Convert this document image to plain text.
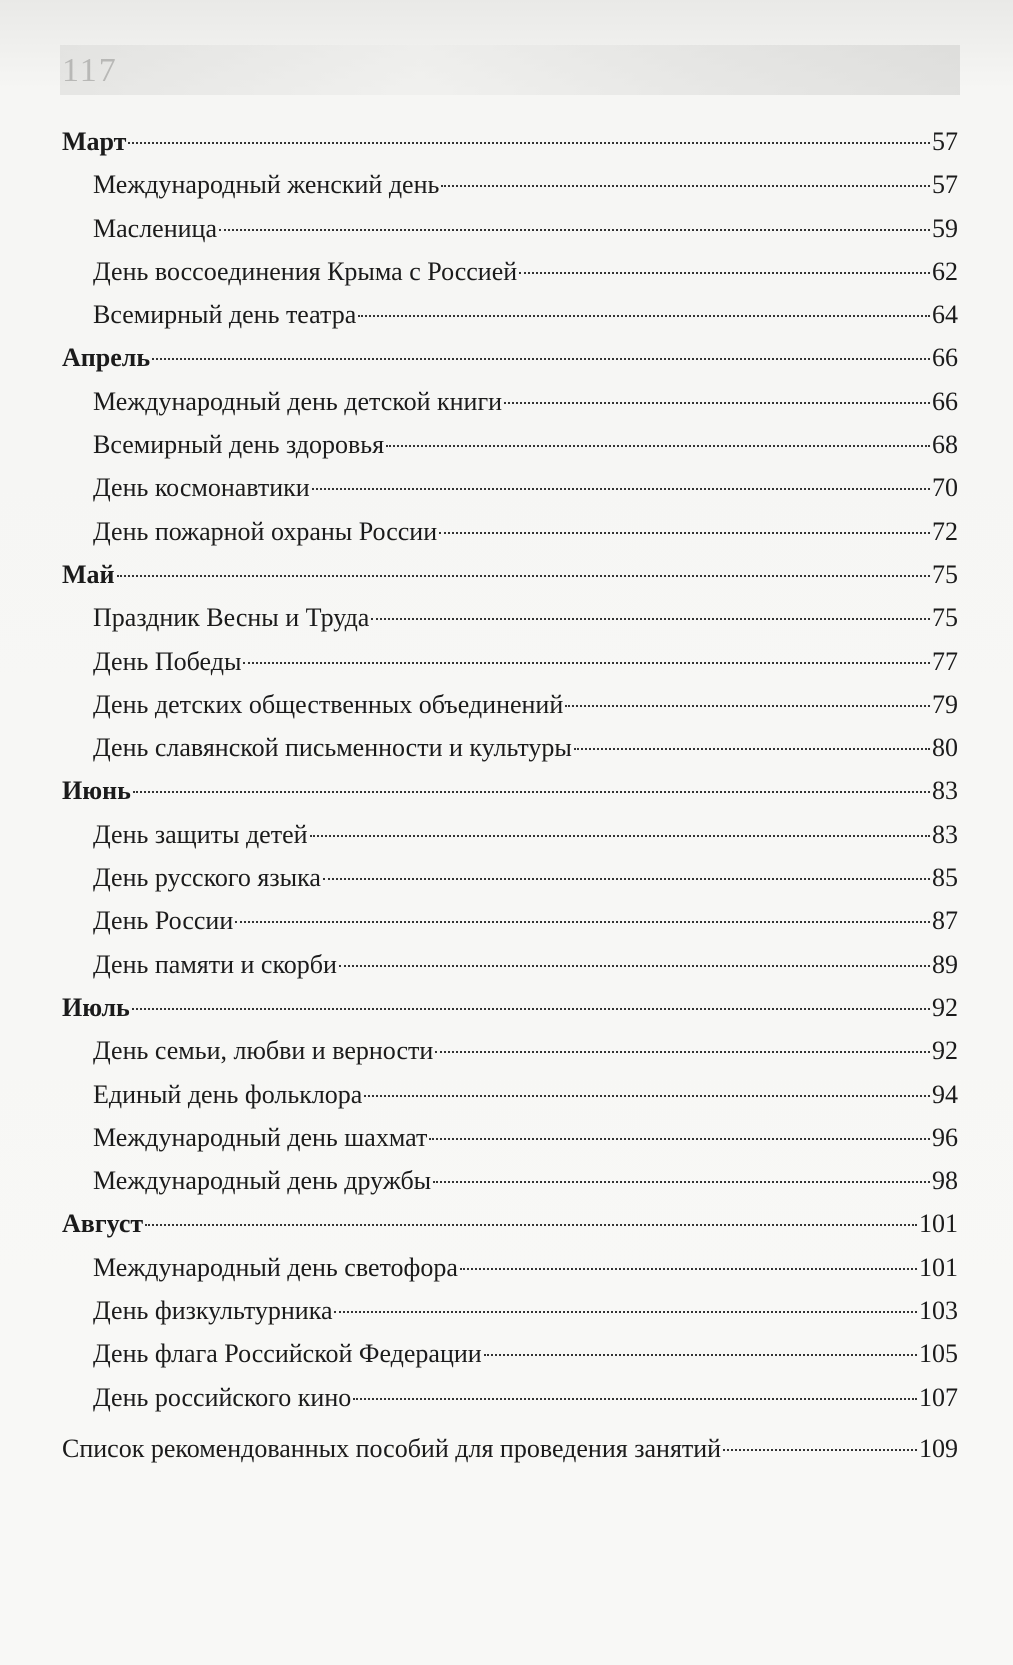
117
Март	57
Международный женский день	57
Масленица	59
День воссоединения Крыма с Россией	62
Всемирный день театра	64
Апрель	66
Международный день детской книги	66
Всемирный день здоровья	68
День космонавтики	70
День пожарной охраны России	72
Май	75
Праздник Весны и Труда	75
День Победы	77
День детских общественных объединений	79
День славянской письменности и культуры	80
Июнь	83
День защиты детей	83
День русского языка	85
День России	87
День памяти и скорби	89
Июль	92
День семьи, любви и верности	92
Единый день фольклора	94
Международный день шахмат	96
Международный день дружбы	98
Август	101
Международный день светофора	101
День физкультурника	103
День флага Российской Федерации	105
День российского кино	107
Список рекомендованных пособий для проведения занятий	109
